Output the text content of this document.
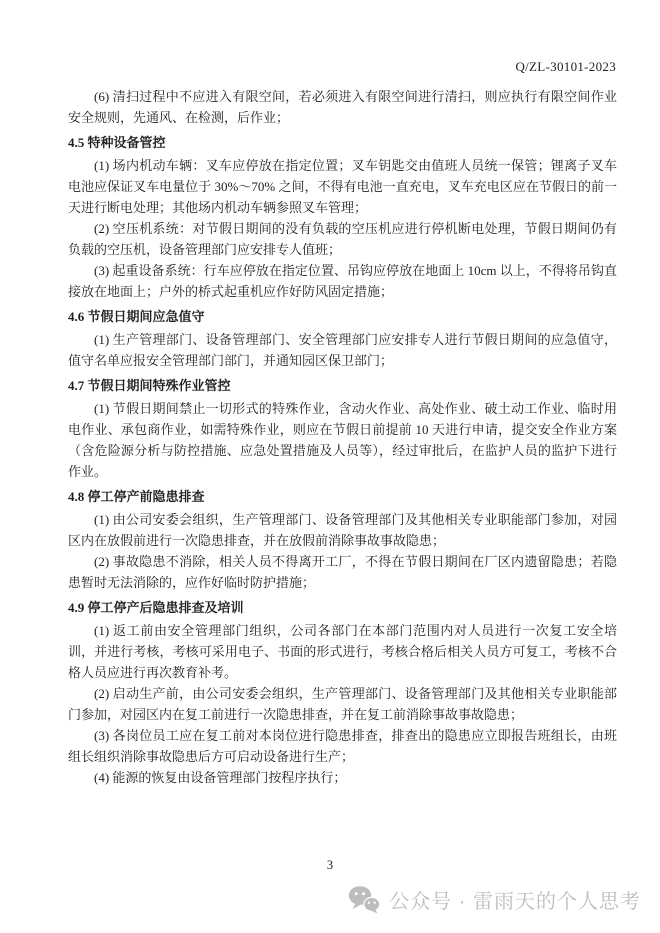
Q/ZL-30101-2023

(6) 清扫过程中不应进入有限空间，若必须进入有限空间进行清扫，则应执行有限空间作业安全规则，先通风、在检测，后作业；

4.5 特种设备管控

(1) 场内机动车辆：叉车应停放在指定位置；叉车钥匙交由值班人员统一保管；锂离子叉车电池应保证叉车电量位于 30%～70% 之间，不得有电池一直充电，叉车充电区应在节假日的前一天进行断电处理；其他场内机动车辆参照叉车管理；

(2) 空压机系统：对节假日期间的没有负载的空压机应进行停机断电处理，节假日期间仍有负载的空压机，设备管理部门应安排专人值班；

(3) 起重设备系统：行车应停放在指定位置、吊钩应停放在地面上 10cm 以上，不得将吊钩直接放在地面上；户外的桥式起重机应作好防风固定措施；

4.6 节假日期间应急值守

(1) 生产管理部门、设备管理部门、安全管理部门应安排专人进行节假日期间的应急值守，值守名单应报安全管理部门部门，并通知园区保卫部门；

4.7 节假日期间特殊作业管控

(1) 节假日期间禁止一切形式的特殊作业，含动火作业、高处作业、破土动工作业、临时用电作业、承包商作业，如需特殊作业，则应在节假日前提前 10 天进行申请，提交安全作业方案（含危险源分析与防控措施、应急处置措施及人员等），经过审批后，在监护人员的监护下进行作业。

4.8 停工停产前隐患排查

(1) 由公司安委会组织，生产管理部门、设备管理部门及其他相关专业职能部门参加，对园区内在放假前进行一次隐患排查，并在放假前消除事故事故隐患；

(2) 事故隐患不消除，相关人员不得离开工厂，不得在节假日期间在厂区内遗留隐患；若隐患暂时无法消除的，应作好临时防护措施；

4.9 停工停产后隐患排查及培训

(1) 返工前由安全管理部门组织，公司各部门在本部门范围内对人员进行一次复工安全培训，并进行考核，考核可采用电子、书面的形式进行，考核合格后相关人员方可复工，考核不合格人员应进行再次教育补考。

(2) 启动生产前，由公司安委会组织，生产管理部门、设备管理部门及其他相关专业职能部门参加，对园区内在复工前进行一次隐患排查，并在复工前消除事故事故隐患；

(3) 各岗位员工应在复工前对本岗位进行隐患排查，排查出的隐患应立即报告班组长，由班组长组织消除事故隐患后方可启动设备进行生产；

(4) 能源的恢复由设备管理部门按程序执行；

3
公众号 · 雷雨天的个人思考
